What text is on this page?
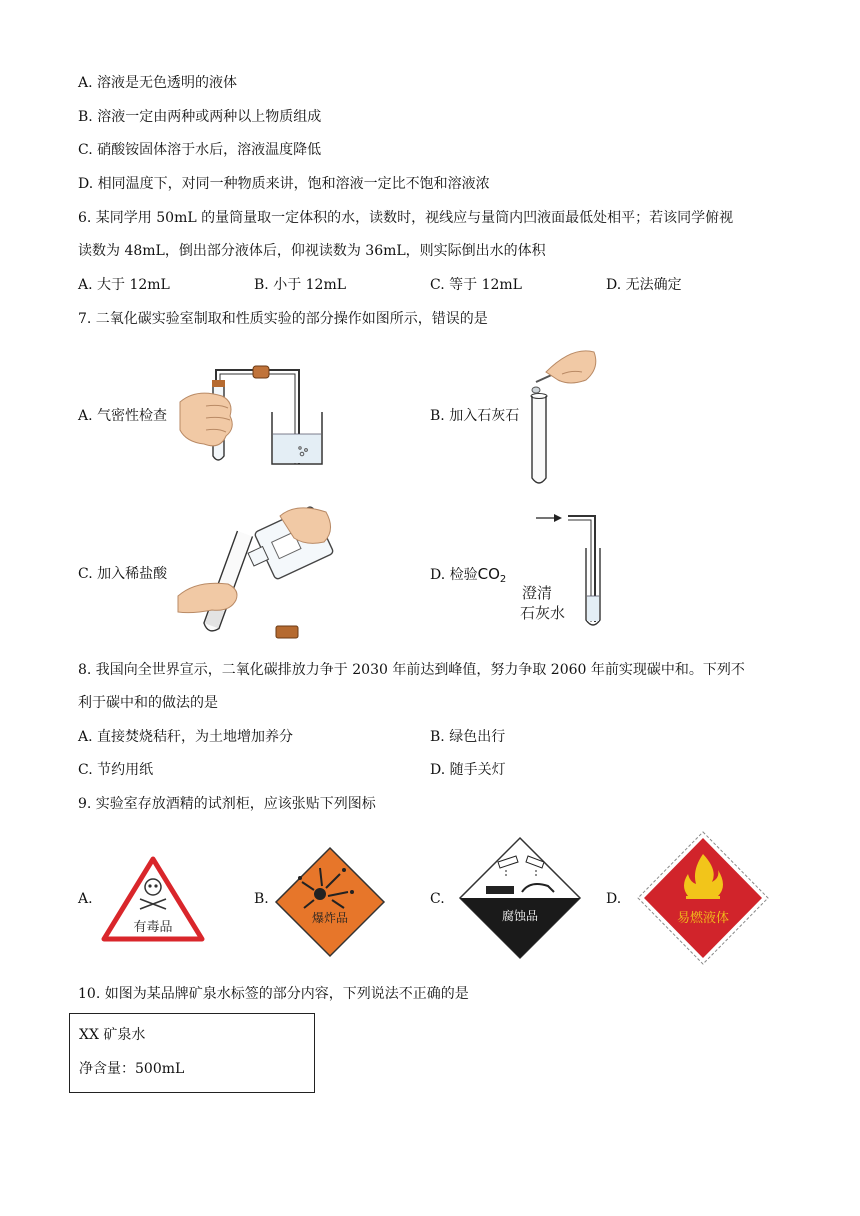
A. 溶液是无色透明的液体
B. 溶液一定由两种或两种以上物质组成
C. 硝酸铵固体溶于水后，溶液温度降低
D. 相同温度下，对同一种物质来讲，饱和溶液一定比不饱和溶液浓
6. 某同学用 50mL 的量筒量取一定体积的水，读数时，视线应与量筒内凹液面最低处相平；若该同学俯视
读数为 48mL，倒出部分液体后，仰视读数为 36mL，则实际倒出水的体积
A. 大于 12mL	B. 小于 12mL	C. 等于 12mL	D. 无法确定
7. 二氧化碳实验室制取和性质实验的部分操作如图所示，错误的是
A. 气密性检查	B. 加入石灰石
C. 加入稀盐酸	D. 检验$CO_2$
澄清
石灰水
8. 我国向全世界宣示，二氧化碳排放力争于 2030 年前达到峰值，努力争取 2060 年前实现碳中和。下列不
利于碳中和的做法的是
A. 直接焚烧秸秆，为土地增加养分	B. 绿色出行
C. 节约用纸	D. 随手关灯
9. 实验室存放酒精的试剂柜，应该张贴下列图标
A.	B.	C.	D.
有毒品
爆炸品	腐蚀品	易燃液体
10. 如图为某品牌矿泉水标签的部分内容，下列说法不正确的是
XX 矿泉水
净含量：500mL
